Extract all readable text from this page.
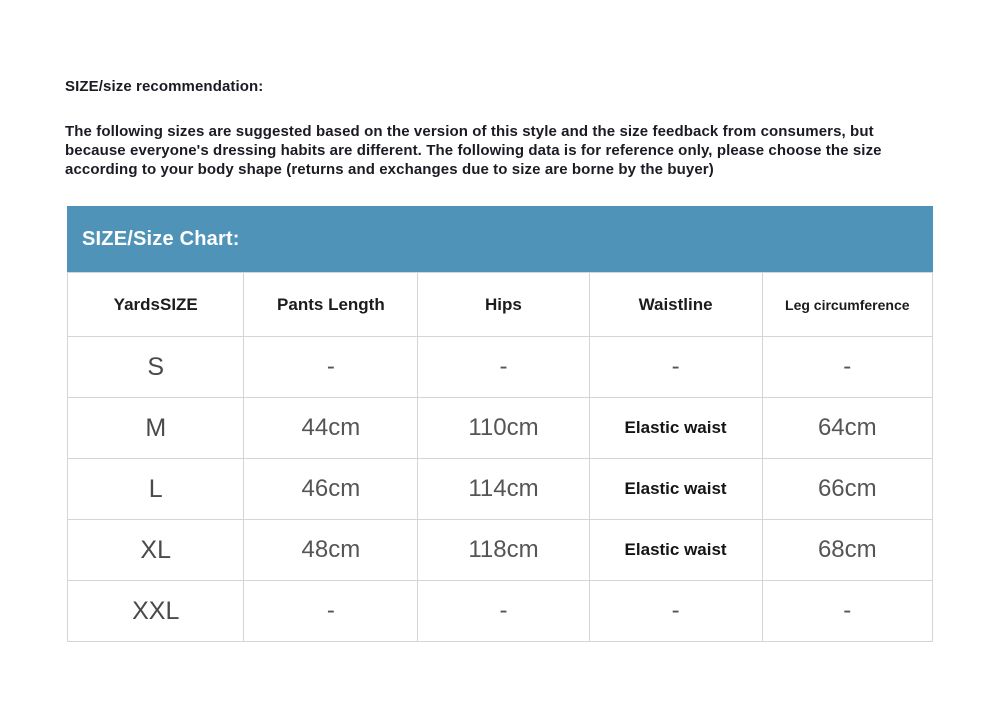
SIZE/size recommendation:
The following sizes are suggested based on the version of this style and the size feedback from consumers, but because everyone's dressing habits are different. The following data is for reference only, please choose the size according to your body shape (returns and exchanges due to size are borne by the buyer)
SIZE/Size Chart:
YardsSIZE	Pants Length	Hips	Waistline	Leg circumference
S	-	-	-	-
M	44cm	110cm	Elastic waist	64cm
L	46cm	114cm	Elastic waist	66cm
XL	48cm	118cm	Elastic waist	68cm
XXL	-	-	-	-
